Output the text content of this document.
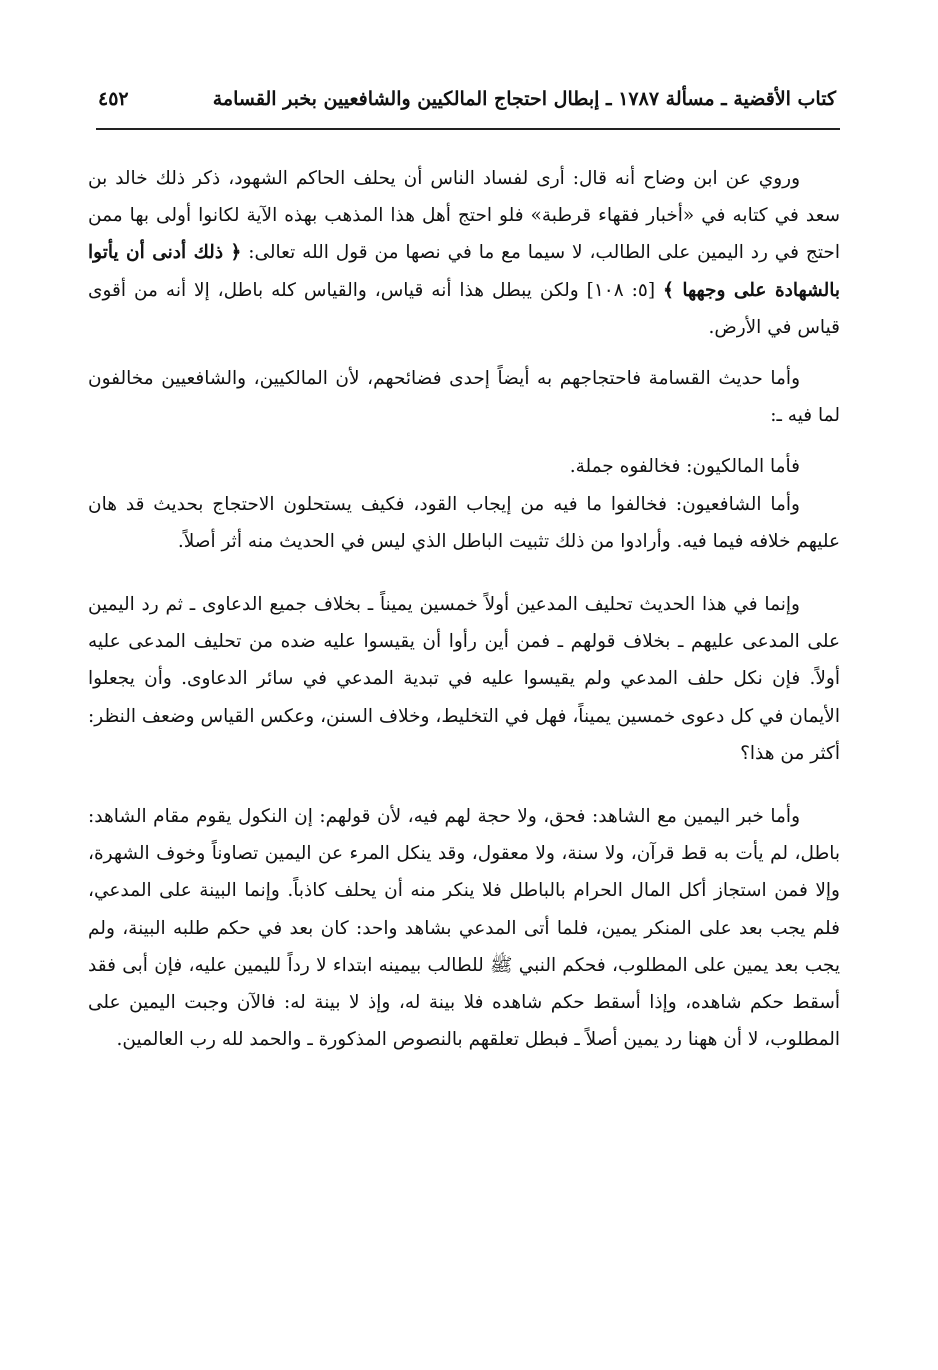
كتاب الأقضية ـ مسألة ١٧٨٧ ـ إبطال احتجاج المالكيين والشافعيين بخبر القسامة
٤٥٢

وروي عن ابن وضاح أنه قال: أرى لفساد الناس أن يحلف الحاكم الشهود، ذكر ذلك خالد بن سعد في كتابه في «أخبار فقهاء قرطبة» فلو احتج أهل هذا المذهب بهذه الآية لكانوا أولى بها ممن احتج في رد اليمين على الطالب، لا سيما مع ما في نصها من قول الله تعالى: ﴿ ذلك أدنى أن يأتوا بالشهادة على وجهها ﴾ [٥: ١٠٨] ولكن يبطل هذا أنه قياس، والقياس كله باطل، إلا أنه من أقوى قياس في الأرض.

وأما حديث القسامة فاحتجاجهم به أيضاً إحدى فضائحهم، لأن المالكيين، والشافعيين مخالفون لما فيه ـ:

فأما المالكيون: فخالفوه جملة.

وأما الشافعيون: فخالفوا ما فيه من إيجاب القود، فكيف يستحلون الاحتجاج بحديث قد هان عليهم خلافه فيما فيه. وأرادوا من ذلك تثبيت الباطل الذي ليس في الحديث منه أثر أصلاً.

وإنما في هذا الحديث تحليف المدعين أولاً خمسين يميناً ـ بخلاف جميع الدعاوى ـ ثم رد اليمين على المدعى عليهم ـ بخلاف قولهم ـ فمن أين رأوا أن يقيسوا عليه ضده من تحليف المدعى عليه أولاً. فإن نكل حلف المدعي ولم يقيسوا عليه في تبدية المدعي في سائر الدعاوى. وأن يجعلوا الأيمان في كل دعوى خمسين يميناً، فهل في التخليط، وخلاف السنن، وعكس القياس وضعف النظر: أكثر من هذا؟

وأما خبر اليمين مع الشاهد: فحق، ولا حجة لهم فيه، لأن قولهم: إن النكول يقوم مقام الشاهد: باطل، لم يأت به قط قرآن، ولا سنة، ولا معقول، وقد ينكل المرء عن اليمين تصاوناً وخوف الشهرة، وإلا فمن استجاز أكل المال الحرام بالباطل فلا ينكر منه أن يحلف كاذباً. وإنما البينة على المدعي، فلم يجب بعد على المنكر يمين، فلما أتى المدعي بشاهد واحد: كان بعد في حكم طلبه البينة، ولم يجب بعد يمين على المطلوب، فحكم النبي ﷺ للطالب بيمينه ابتداء لا رداً لليمين عليه، فإن أبى فقد أسقط حكم شاهده، وإذا أسقط حكم شاهده فلا بينة له، وإذ لا بينة له: فالآن وجبت اليمين على المطلوب، لا أن ههنا رد يمين أصلاً ـ فبطل تعلقهم بالنصوص المذكورة ـ والحمد لله رب العالمين.
